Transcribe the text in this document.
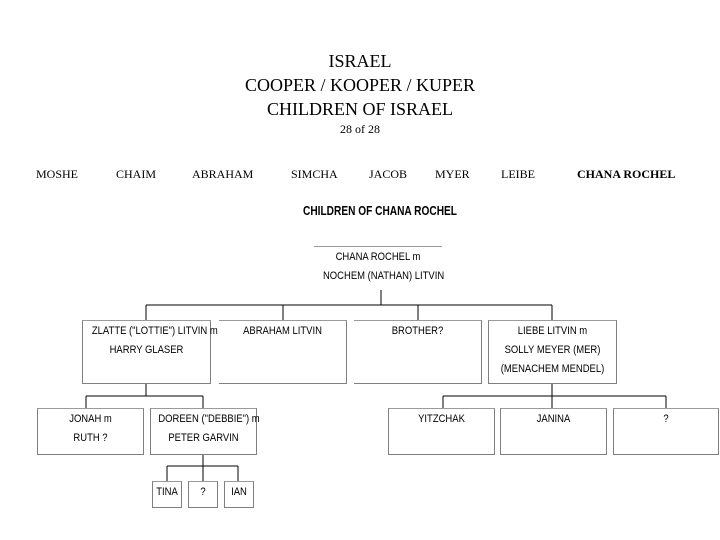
ISRAEL
COOPER / KOOPER / KUPER
CHILDREN OF ISRAEL
28 of 28
MOSHE	CHAIM	ABRAHAM	SIMCHA	JACOB MYER	LEIBE	CHANA ROCHEL
CHILDREN OF CHANA ROCHEL
CHANA ROCHEL m
NOCHEM (NATHAN) LITVIN
ZLATTE ("LOTTIE") LITVIN m
HARRY GLASER
ABRAHAM LITVIN	BROTHER?	LIEBE LITVIN m
SOLLY MEYER (MER)
(MENACHEM MENDEL)
JONAH m
RUTH ?
DOREEN ("DEBBIE") m
PETER GARVIN
TINA	?	IAN
YITZCHAK	JANINA	?
